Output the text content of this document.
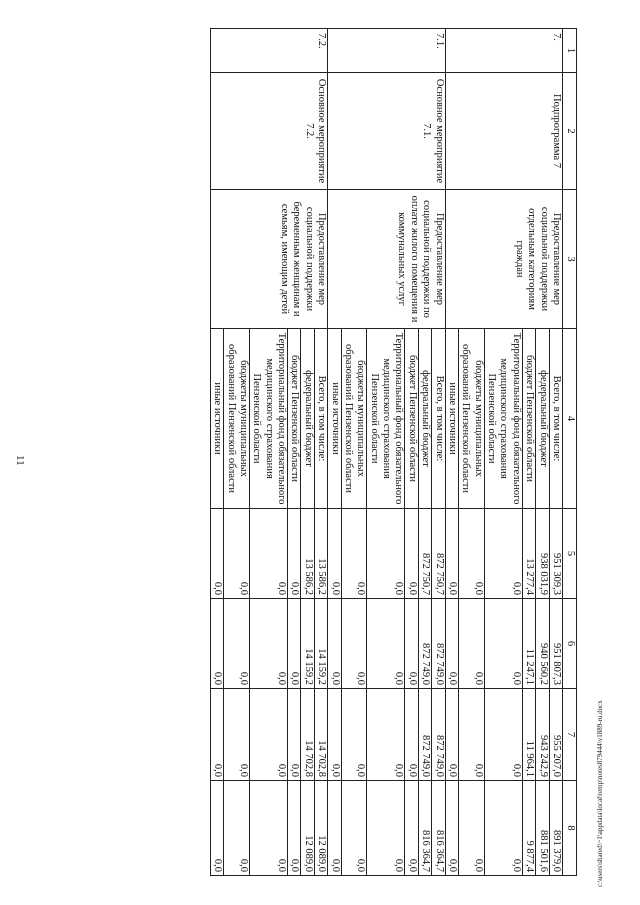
11
c:\users\shared\~1\appdata\local\temp\notes879444\v1889-ru.docx
1	2	3	4	5	6	7	8
7.	Подпрограмма 7	Предоставление мер социальной поддержки отдельным категориям граждан	Всего, в том числе:	951 309,3	951 807,3	955 207,0	891 379,0
			федеральный бюджет	938 031,9	940 560,2	943 242,9	881 501,6
			бюджет Пензенской области	13 277,4	11 247,1	11 964,1	9 877,4
			Территориальный фонд обязательного медицинского страхования Пензенской области	0,0	0,0	0,0	0,0
			бюджеты муниципальных образований Пензенской области	0,0	0,0	0,0	0,0
			иные источники	0,0	0,0	0,0	0,0
7.1.	Основное мероприятие 7.1.	Предоставление мер социальной поддержки по оплате жилого помещения и коммунальных услуг	Всего, в том числе:	872 750,7	872 749,0	872 749,0	816 364,7
			федеральный бюджет	872 750,7	872 749,0	872 749,0	816 364,7
			бюджет Пензенской области	0,0	0,0	0,0	0,0
			Территориальный фонд обязательного медицинского страхования Пензенской области	0,0	0,0	0,0	0,0
			бюджеты муниципальных образований Пензенской области	0,0	0,0	0,0	0,0
			иные источники	0,0	0,0	0,0	0,0
7.2.	Основное мероприятие 7.2.	Предоставление мер социальной поддержки беременным женщинам и семьям, имеющим детей	Всего, в том числе:	13 586,2	14 159,2	14 702,8	12 089,0
			федеральный бюджет	13 586,2	14 159,2	14 702,8	12 089,0
			бюджет Пензенской области	0,0	0,0	0,0	0,0
			Территориальный фонд обязательного медицинского страхования Пензенской области	0,0	0,0	0,0	0,0
			бюджеты муниципальных образований Пензенской области	0,0	0,0	0,0	0,0
			иные источники	0,0	0,0	0,0	0,0
